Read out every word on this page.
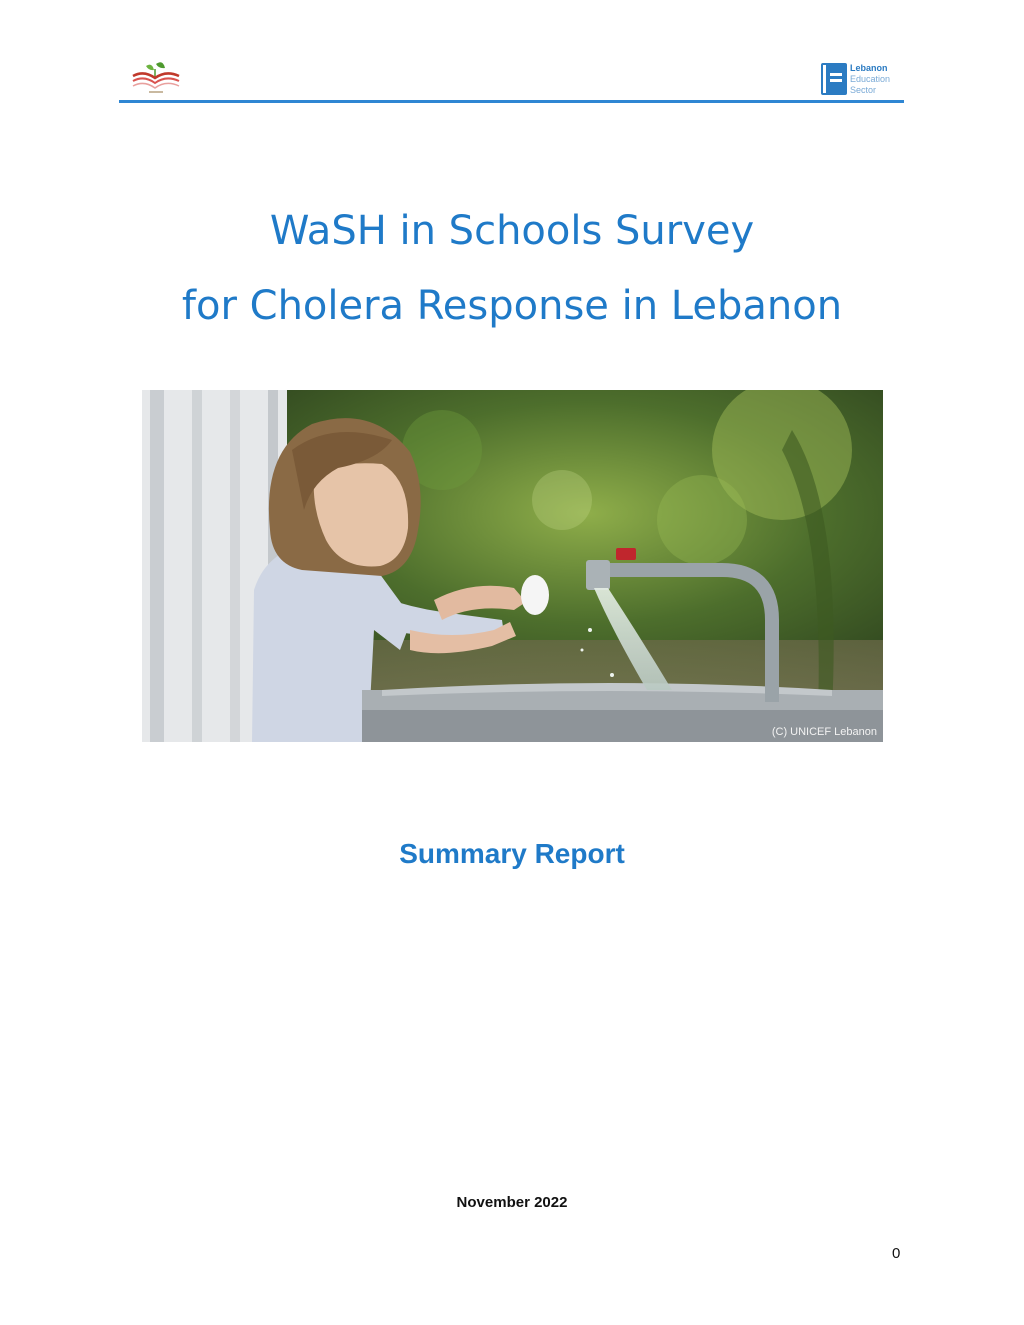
Lebanon
Education
Sector
WaSH in Schools Survey
for Cholera Response in Lebanon
(C) UNICEF Lebanon
Summary Report
November 2022
0
